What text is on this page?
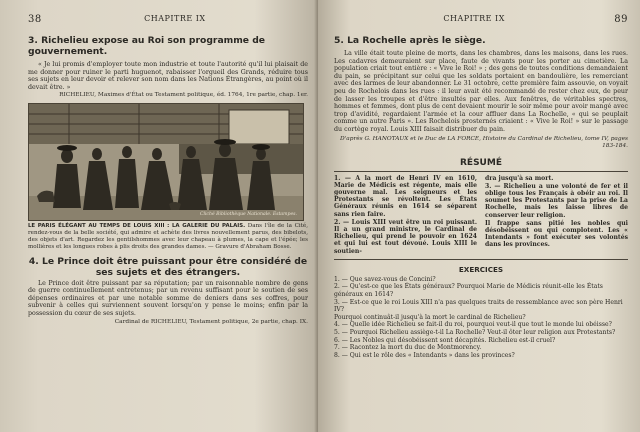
38	CHAPITRE IX
3. Richelieu expose au Roi son programme de gouvernement.

« Je lui promis d'employer toute mon industrie et toute l'autorité qu'il lui plaisait de me donner pour ruiner le parti huguenot, rabaisser l'orgueil des Grands, réduire tous ses sujets en leur devoir et relever son nom dans les Nations Étrangères, au point où il devait être. »

RICHELIEU, Maximes d'État ou Testament politique, éd. 1764, 1re partie, chap. 1er.
Cliché Bibliothèque Nationale. Estampes.

LE PARIS ÉLÉGANT AU TEMPS DE LOUIS XIII : LA GALERIE DU PALAIS. Dans l'île de la Cité, rendez-vous de la belle société, qui admire et achète des livres nouvellement parus, des bibelots, des objets d'art. Regardez les gentilshommes avec leur chapeau à plumes, la cape et l'épée; les mollières et les longues robes à plis droits des grandes dames. — Gravure d'Abraham Bosse.

4. Le Prince doit être puissant pour être considéré de ses sujets et des étrangers.

Le Prince doit être puissant par sa réputation; par un raisonnable nombre de gens de guerre continuellement entretenus; par un revenu suffisant pour le soutien de ses dépenses ordinaires et par une notable somme de deniers dans ses coffres, pour subvenir à celles qui surviennent souvent lorsqu'on y pense le moins; enfin par la possession du cœur de ses sujets.

Cardinal de RICHELIEU, Testament politique, 2e partie, chap. IX.
CHAPITRE IX	89
5. La Rochelle après le siège.

La ville était toute pleine de morts, dans les chambres, dans les maisons, dans les rues. Les cadavres demeuraient sur place, faute de vivants pour les porter au cimetière. La population criait tout entière : « Vive le Roi! » ; des gens de toutes conditions demandaient du pain, se précipitant sur celui que les soldats portaient en bandoulière, les remerciant avec des larmes de leur abandonner. Le 31 octobre, cette première faim assouvie, on voyait peu de Rochelois dans les rues : il leur avait été recommandé de rester chez eux, de peur de lasser les troupes et d'être insultés par elles. Aux fenêtres, de véritables spectres, hommes et femmes, dont plus de cent devaient mourir le soir même pour avoir mangé avec trop d'avidité, regardaient l'armée et la cour affluer dans La Rochelle, « qui se peuplait comme un autre Paris ». Les Rochelois prosternés criaient : « Vive le Roi! » sur le passage du cortège royal. Louis XIII faisait distribuer du pain.

D'après G. HANOTAUX et le Duc de LA FORCE, Histoire du Cardinal de Richelieu, tome IV, pages 183-184.
RÉSUMÉ

1. — A la mort de Henri IV en 1610, Marie de Médicis est régente, mais elle gouverne mal. Les seigneurs et les Protestants se révoltent. Les États Généraux réunis en 1614 se séparent sans rien faire.

2. — Louis XIII veut être un roi puissant. Il a un grand ministre, le Cardinal de Richelieu, qui prend le pouvoir en 1624 et qui lui est tout dévoué. Louis XIII le soutien-

dra jusqu'à sa mort.

3. — Richelieu a une volonté de fer et il oblige tous les Français à obéir au roi. Il soumet les Protestants par la prise de La Rochelle, mais les laisse libres de conserver leur religion.

Il frappe sans pitié les nobles qui désobéissent ou qui complotent. Les « Intendants » font exécuter ses volontés dans les provinces.

EXERCICES

1. — Que savez-vous de Concini?

2. — Qu'est-ce que les États généraux? Pourquoi Marie de Médicis réunit-elle les États généraux en 1614?

3. — Est-ce que le roi Louis XIII n'a pas quelques traits de ressemblance avec son père Henri IV?

Pourquoi continuât-il jusqu'à la mort le cardinal de Richelieu?

4. — Quelle idée Richelieu se fait-il du roi, pourquoi veut-il que tout le monde lui obéisse?

5. — Pourquoi Richelieu assiège-t-il La Rochelle? Veut-il ôter leur religion aux Protestants?

6. — Les Nobles qui désobéissent sont décapités. Richelieu est-il cruel?

7. — Racontez la mort du duc de Montmorency.

8. — Qui est le rôle des « Intendants » dans les provinces?
